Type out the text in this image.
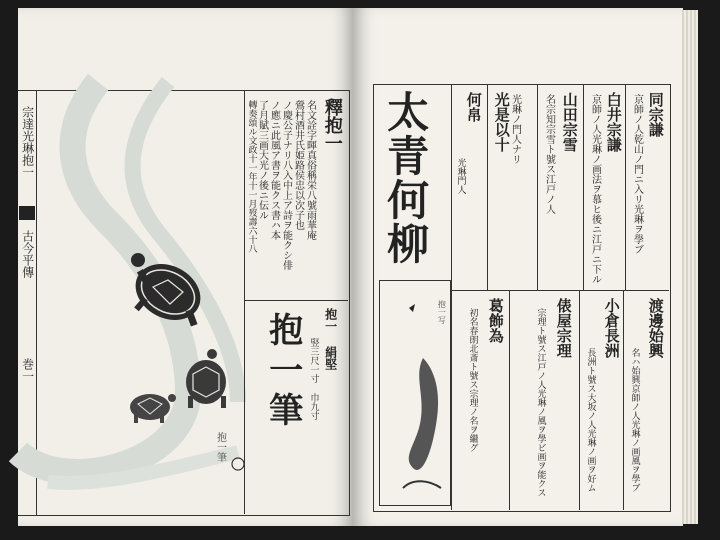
宗達光琳抱一
古今平傳
巻一
抱一筆
釋抱一
名文詮字暉真俗稱栄八號雨華庵
鶯村酒井氏姫路侯忠以次子也
ノ慶公子ナリ八入中上ア詩ヲ能クシ俳
ノ應ニ此風ア書ヲ能クス書ハ本
了月賦三画大光ノ後ニ伝ル
轉奏頌ル文政十一年十一月歿壽六十八
抱一 絹堅
竪三尺一寸 巾九寸
抱一筆
太青何柳
抱一写
同宗謙
京師ノ人乾山ノ門ニ入リ光琳ヲ學ブ
白井宗謙
京師ノ人光琳ノ画法ヲ慕ヒ後ニ江戸ニ下ル
山田宗雪
名宗知宗雪ト號ス江戸ノ人
光是以十
光琳ノ門人ナリ
何帛
光琳門人
渡邊始興
名ハ始興京師ノ人光琳ノ画風ヲ學ブ
小倉長洲
長洲ト號ス大坂ノ人光琳ノ画ヲ好ム
俵屋宗理
宗理ト號ス江戸ノ人光琳ノ風ヲ學ビ画ヲ能クス
葛飾為
初名春朗北斎ト號ス宗理ノ名ヲ繼グ
